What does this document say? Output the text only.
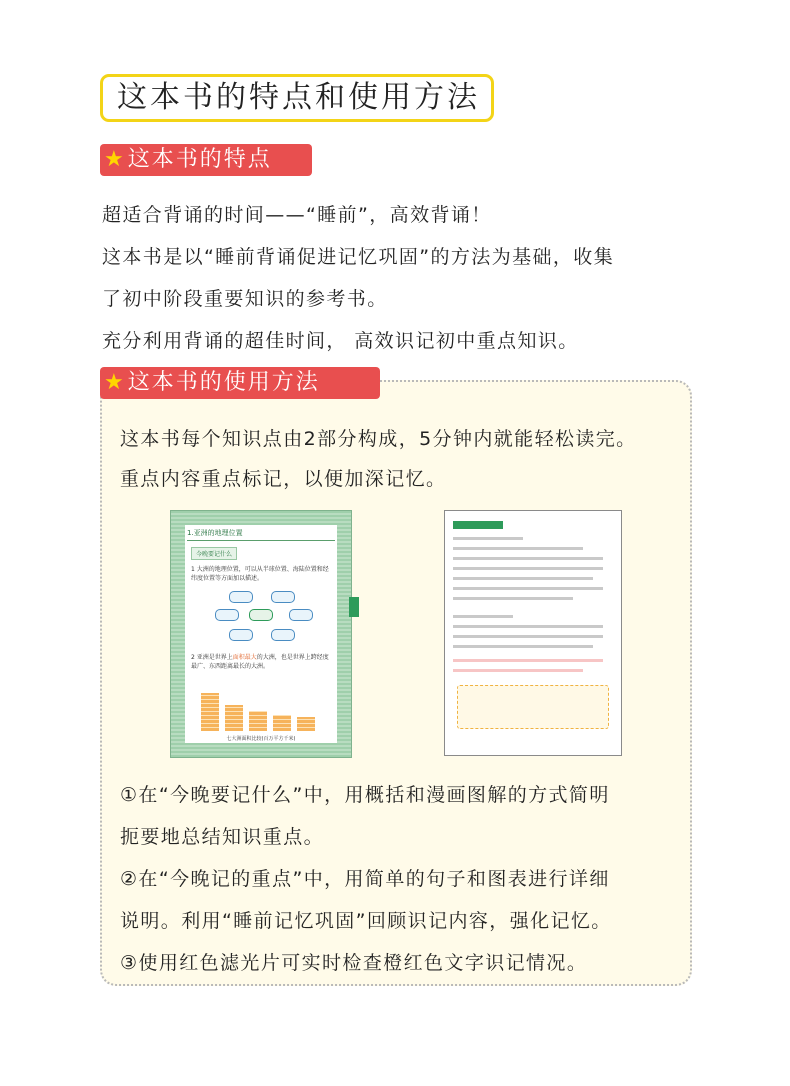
这本书的特点和使用方法
★这本书的特点
超适合背诵的时间——“睡前”，高效背诵！
这本书是以“睡前背诵促进记忆巩固”的方法为基础，收集
了初中阶段重要知识的参考书。
充分利用背诵的超佳时间， 高效识记初中重点知识。
★这本书的使用方法
这本书每个知识点由2部分构成，5分钟内就能轻松读完。
重点内容重点标记，以便加深记忆。
1.亚洲的地理位置
今晚要记什么
1 大洲的地理位置，可以从半球位置、海陆位置和经纬度位置等方面加以描述。
2 亚洲是世界上面积最大的大洲，也是世界上跨经度最广、东西距离最长的大洲。
七大洲面积比较(百万平方千米)
①在“今晚要记什么”中，用概括和漫画图解的方式简明
扼要地总结知识重点。
②在“今晚记的重点”中，用简单的句子和图表进行详细
说明。利用“睡前记忆巩固”回顾识记内容，强化记忆。
③使用红色滤光片可实时检查橙红色文字识记情况。
